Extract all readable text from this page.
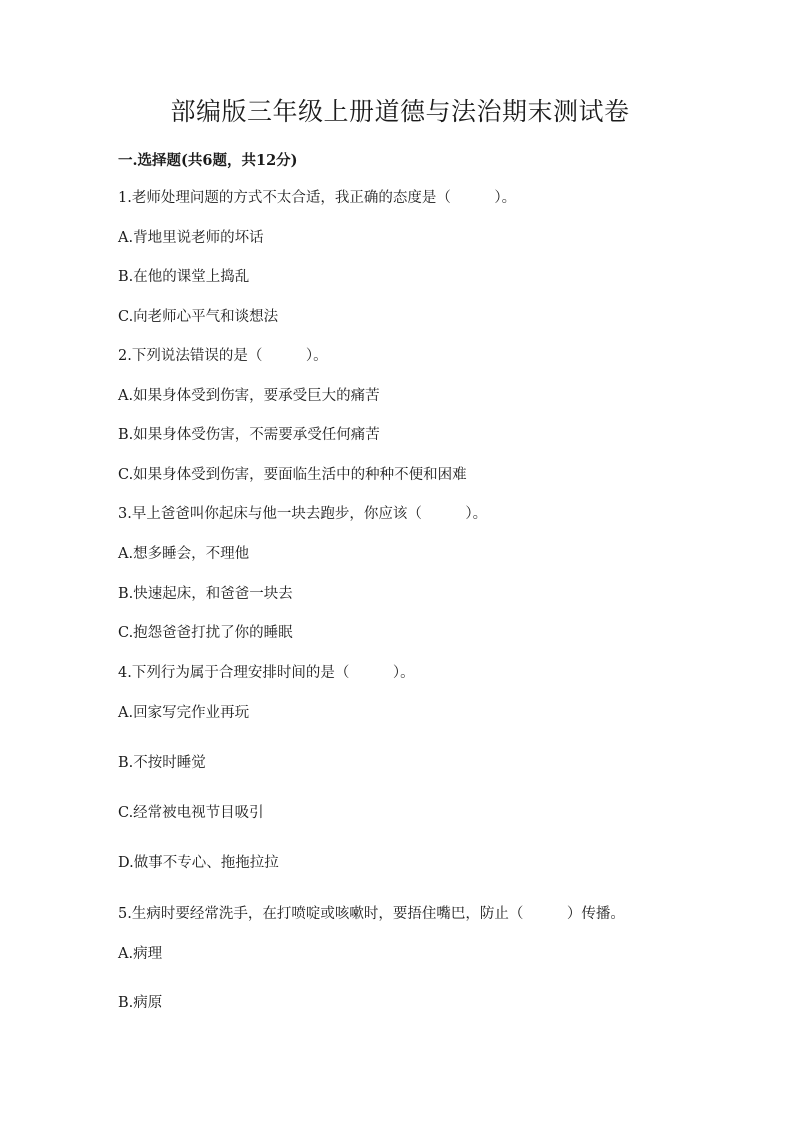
部编版三年级上册道德与法治期末测试卷
一.选择题(共6题，共12分)
1.老师处理问题的方式不太合适，我正确的态度是（　　　）。
A.背地里说老师的坏话
B.在他的课堂上捣乱
C.向老师心平气和谈想法
2.下列说法错误的是（　　　）。
A.如果身体受到伤害，要承受巨大的痛苦
B.如果身体受伤害，不需要承受任何痛苦
C.如果身体受到伤害，要面临生活中的种种不便和困难
3.早上爸爸叫你起床与他一块去跑步，你应该（　　　）。
A.想多睡会，不理他
B.快速起床，和爸爸一块去
C.抱怨爸爸打扰了你的睡眠
4.下列行为属于合理安排时间的是（　　　）。
A.回家写完作业再玩
B.不按时睡觉
C.经常被电视节目吸引
D.做事不专心、拖拖拉拉
5.生病时要经常洗手，在打喷啶或咳嗽时，要捂住嘴巴，防止（　　　）传播。
A.病理
B.病原
